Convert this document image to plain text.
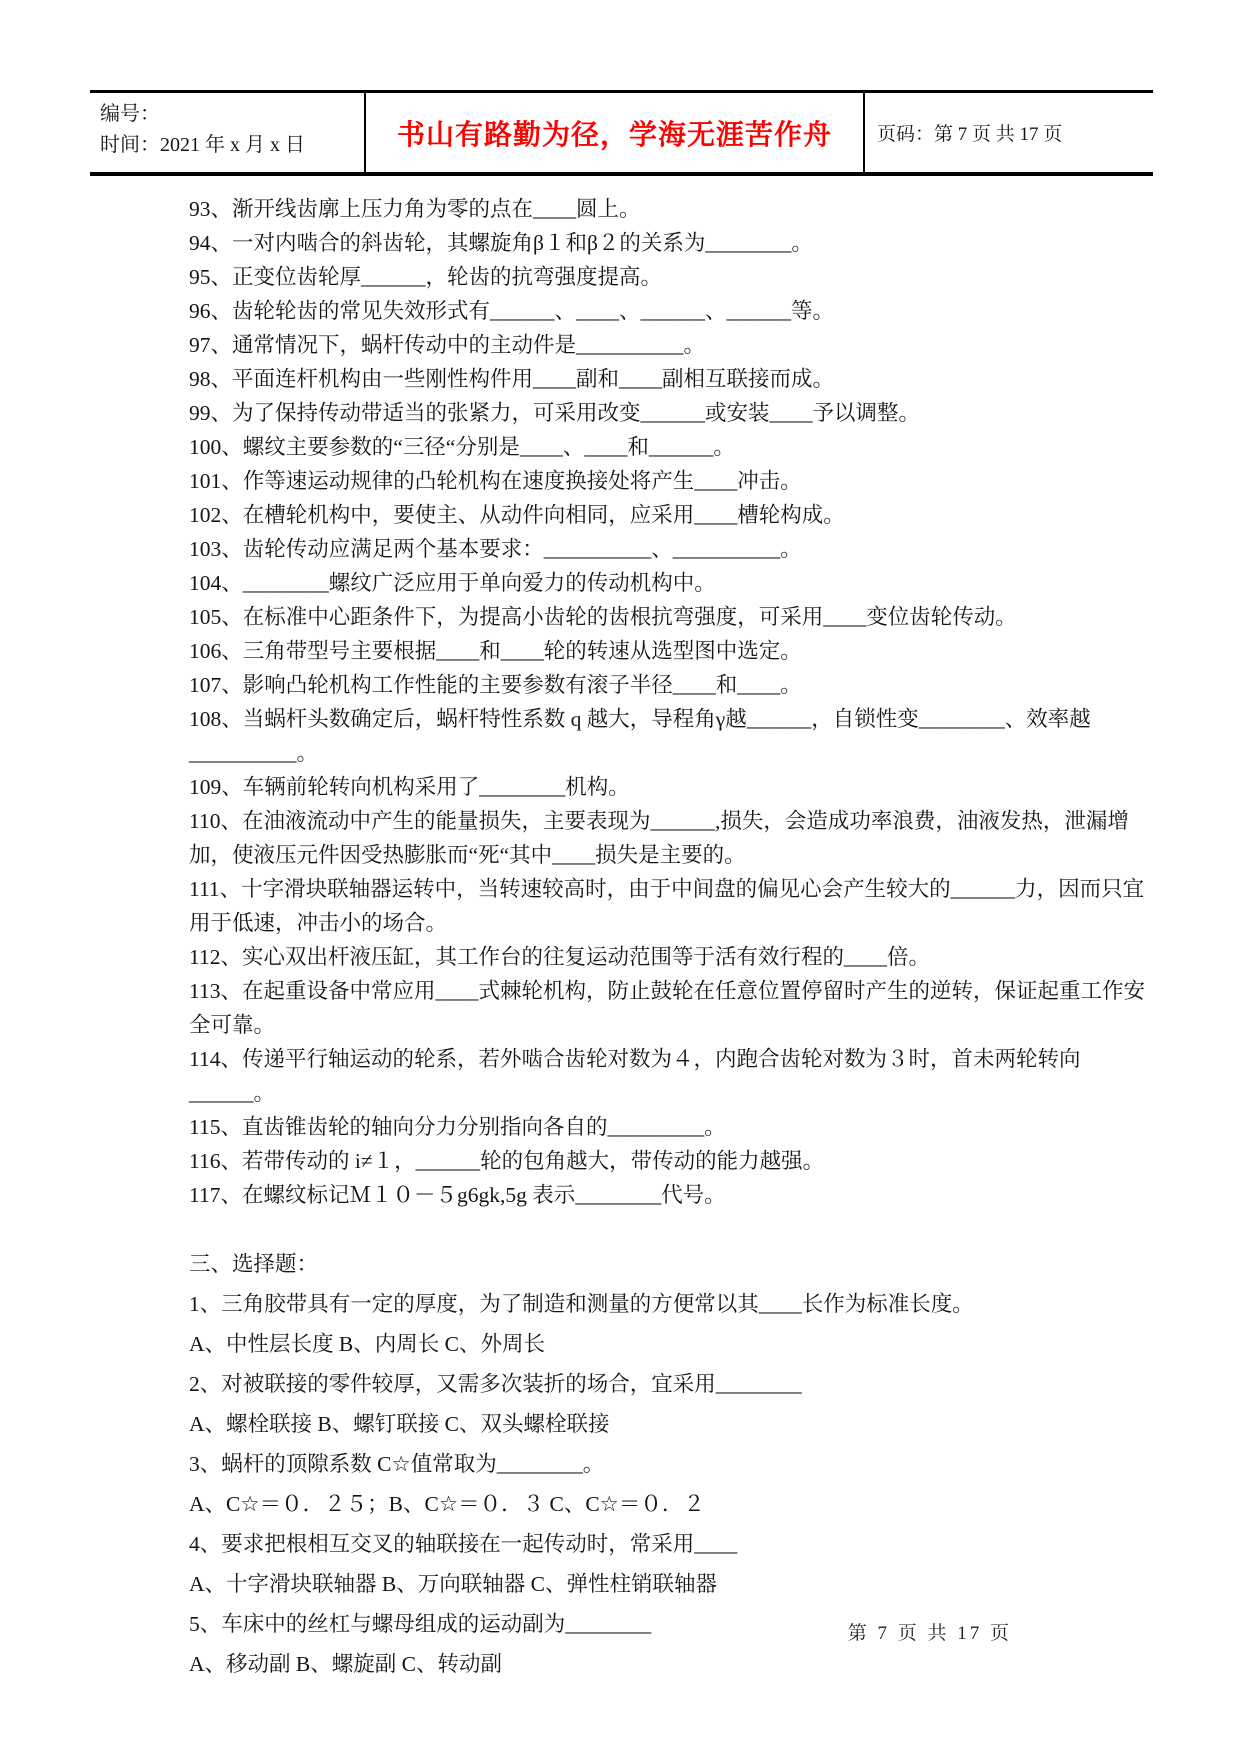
编号：
时间：2021 年 x 月 x 日	书山有路勤为径，学海无涯苦作舟 页码：第 7 页 共 17 页

93、渐开线齿廓上压力角为零的点在____圆上。

94、一对内啮合的斜齿轮，其螺旋角β１和β２的关系为________。

95、正变位齿轮厚______，轮齿的抗弯强度提高。

96、齿轮轮齿的常见失效形式有______、____、______、______等。

97、通常情况下，蜗杆传动中的主动件是__________。

98、平面连杆机构由一些刚性构件用____副和____副相互联接而成。

99、为了保持传动带适当的张紧力，可采用改变______或安装____予以调整。

100、螺纹主要参数的“三径“分别是____、____和______。

101、作等速运动规律的凸轮机构在速度换接处将产生____冲击。

102、在槽轮机构中，要使主、从动件向相同，应采用____槽轮构成。

103、齿轮传动应满足两个基本要求：__________、__________。

104、________螺纹广泛应用于单向爱力的传动机构中。

105、在标准中心距条件下，为提高小齿轮的齿根抗弯强度，可采用____变位齿轮传动。

106、三角带型号主要根据____和____轮的转速从选型图中选定。

107、影响凸轮机构工作性能的主要参数有滚子半径____和____。

108、当蜗杆头数确定后，蜗杆特性系数 q 越大，导程角γ越______，自锁性变________、效率越__________。

109、车辆前轮转向机构采用了________机构。

110、在油液流动中产生的能量损失，主要表现为______,损失，会造成功率浪费，油液发热，泄漏增加，使液压元件因受热膨胀而“死“其中____损失是主要的。

111、十字滑块联轴器运转中，当转速较高时，由于中间盘的偏见心会产生较大的______力，因而只宜用于低速，冲击小的场合。

112、实心双出杆液压缸，其工作台的往复运动范围等于活有效行程的____倍。

113、在起重设备中常应用____式棘轮机构，防止鼓轮在任意位置停留时产生的逆转，保证起重工作安全可靠。

114、传递平行轴运动的轮系，若外啮合齿轮对数为４，内跑合齿轮对数为３时，首未两轮转向______。

115、直齿锥齿轮的轴向分力分别指向各自的_________。

116、若带传动的 i≠１，______轮的包角越大，带传动的能力越强。

117、在螺纹标记Ｍ１０－５g6gk,5g 表示________代号。

三、选择题：

1、三角胶带具有一定的厚度，为了制造和测量的方便常以其____长作为标准长度。

A、中性层长度 B、内周长 C、外周长

2、对被联接的零件较厚，又需多次装折的场合，宜采用________

A、螺栓联接 B、螺钉联接 C、双头螺栓联接

3、蜗杆的顶隙系数 C☆值常取为________。

A、C☆＝０．２５；B、C☆＝０．３ C、C☆＝０．２

4、要求把根相互交叉的轴联接在一起传动时，常采用____

A、十字滑块联轴器 B、万向联轴器 C、弹性柱销联轴器

5、车床中的丝杠与螺母组成的运动副为________

A、移动副 B、螺旋副 C、转动副

第 7 页 共 17 页
